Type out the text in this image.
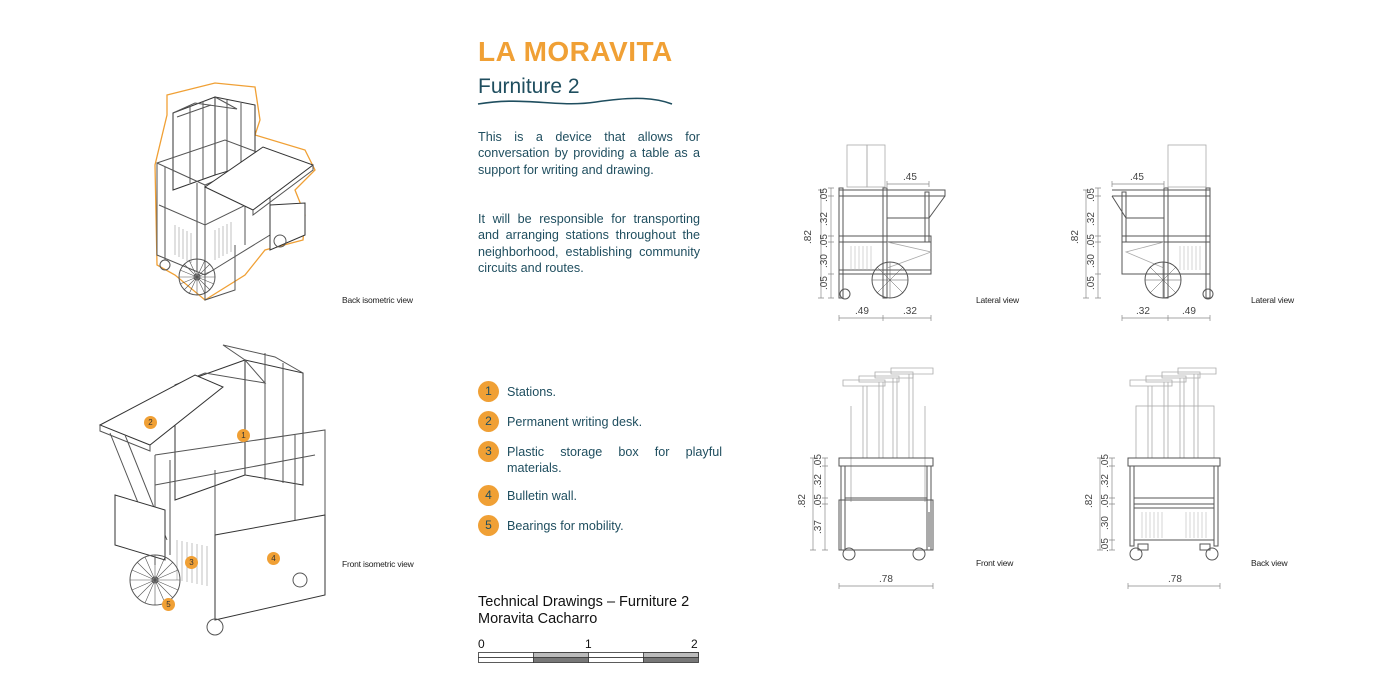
LA MORAVITA
Furniture 2
This is a device that allows for conversation by providing a table as a support for writing and drawing.
It will be responsible for transporting and arranging stations throughout the neighborhood, establishing community circuits and routes.
1	Stations.
2	Permanent writing desk.
3	Plastic storage box for playful materials.
4	Bulletin wall.
5	Bearings for mobility.
Technical Drawings – Furniture 2
Moravita Cacharro
0	1	2
Back isometric view
2
1
3	4
5
Front isometric view
.45
.49	.32
.82
.05
.32
.05
.30
.05
Lateral view
.45
.32	.49
.82
.05
.32
.05
.30
.05
Lateral view
.78
.82
.05
.32
.05
.37
Front view
.78
.82
.05
.32
.05
.30
.05
Back view
